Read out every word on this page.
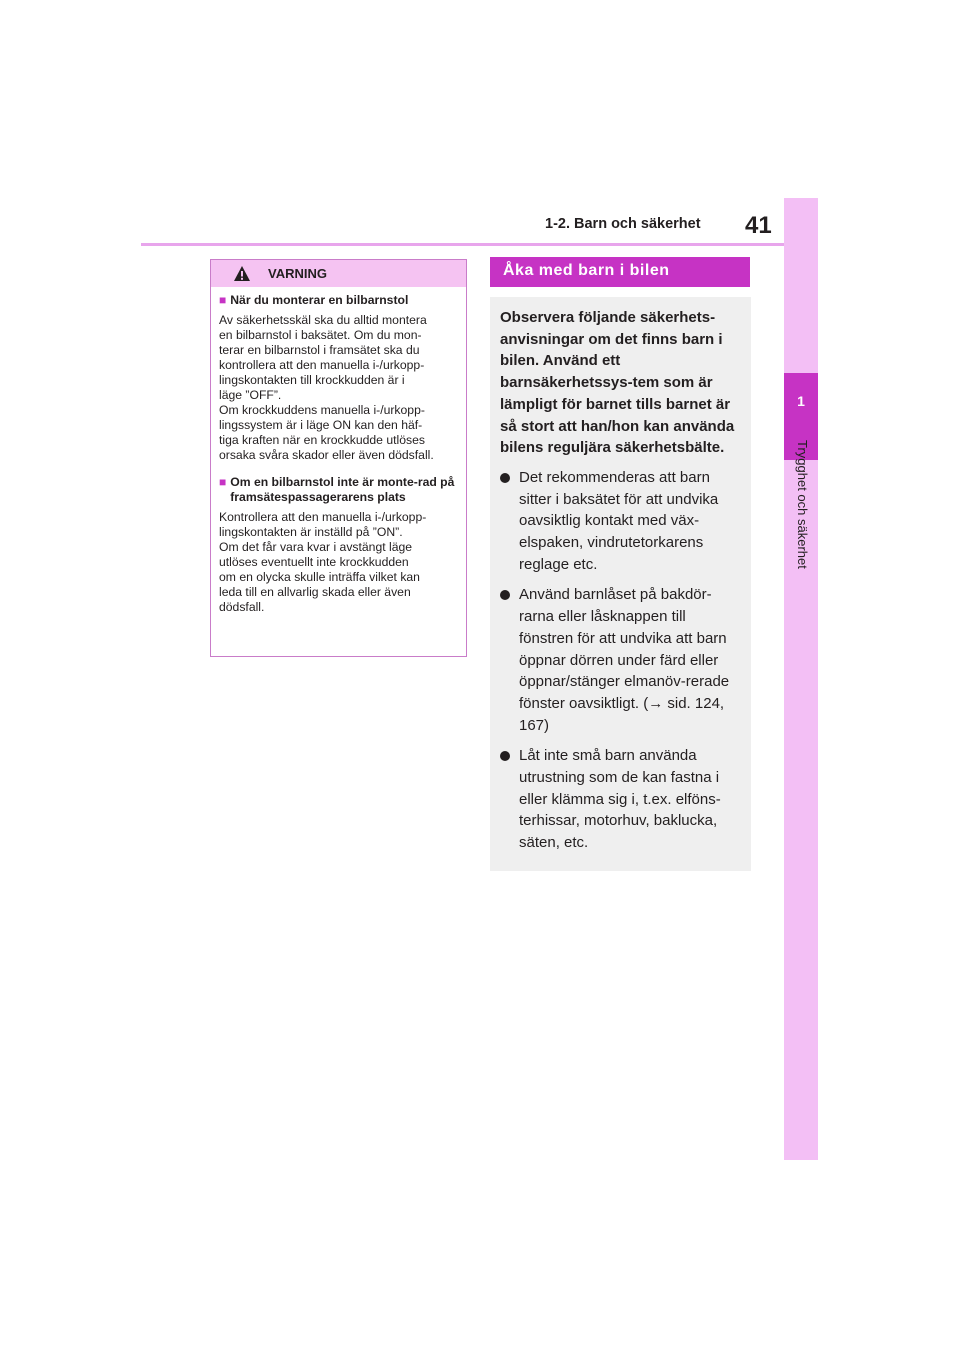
1-2. Barn och säkerhet 41
1
Trygghet och säkerhet
VARNING
■ När du monterar en bilbarnstol
Av säkerhetsskäl ska du alltid montera
en bilbarnstol i baksätet. Om du mon-
terar en bilbarnstol i framsätet ska du
kontrollera att den manuella i-/urkopp-
lingskontakten till krockkudden är i
läge ”OFF”.
Om krockkuddens manuella i-/urkopp-
lingssystem är i läge ON kan den häf-
tiga kraften när en krockkudde utlöses
orsaka svåra skador eller även dödsfall.
■ Om en bilbarnstol inte är monte-rad på framsätespassagerarens plats
Kontrollera att den manuella i-/urkopp-
lingskontakten är inställd på ”ON”.
Om det får vara kvar i avstängt läge
utlöses eventuellt inte krockkudden
om en olycka skulle inträffa vilket kan
leda till en allvarlig skada eller även
dödsfall.
Åka med barn i bilen

Observera följande säkerhets-anvisningar om det finns barn i bilen. Använd ett barnsäkerhetssys-tem som är lämpligt för barnet tills barnet är så stort att han/hon kan använda bilens reguljära säkerhetsbälte.

Det rekommenderas att barn sitter i baksätet för att undvika oavsiktlig kontakt med väx-elspaken, vindrutetorkarens reglage etc.
Använd barnlåset på bakdör-rarna eller låsknappen till fönstren för att undvika att barn öppnar dörren under färd eller öppnar/stänger elmanöv-rerade fönster oavsiktligt. (→ sid. 124, 167)
Låt inte små barn använda utrustning som de kan fastna i eller klämma sig i, t.ex. elföns-terhissar, motorhuv, baklucka, säten, etc.
